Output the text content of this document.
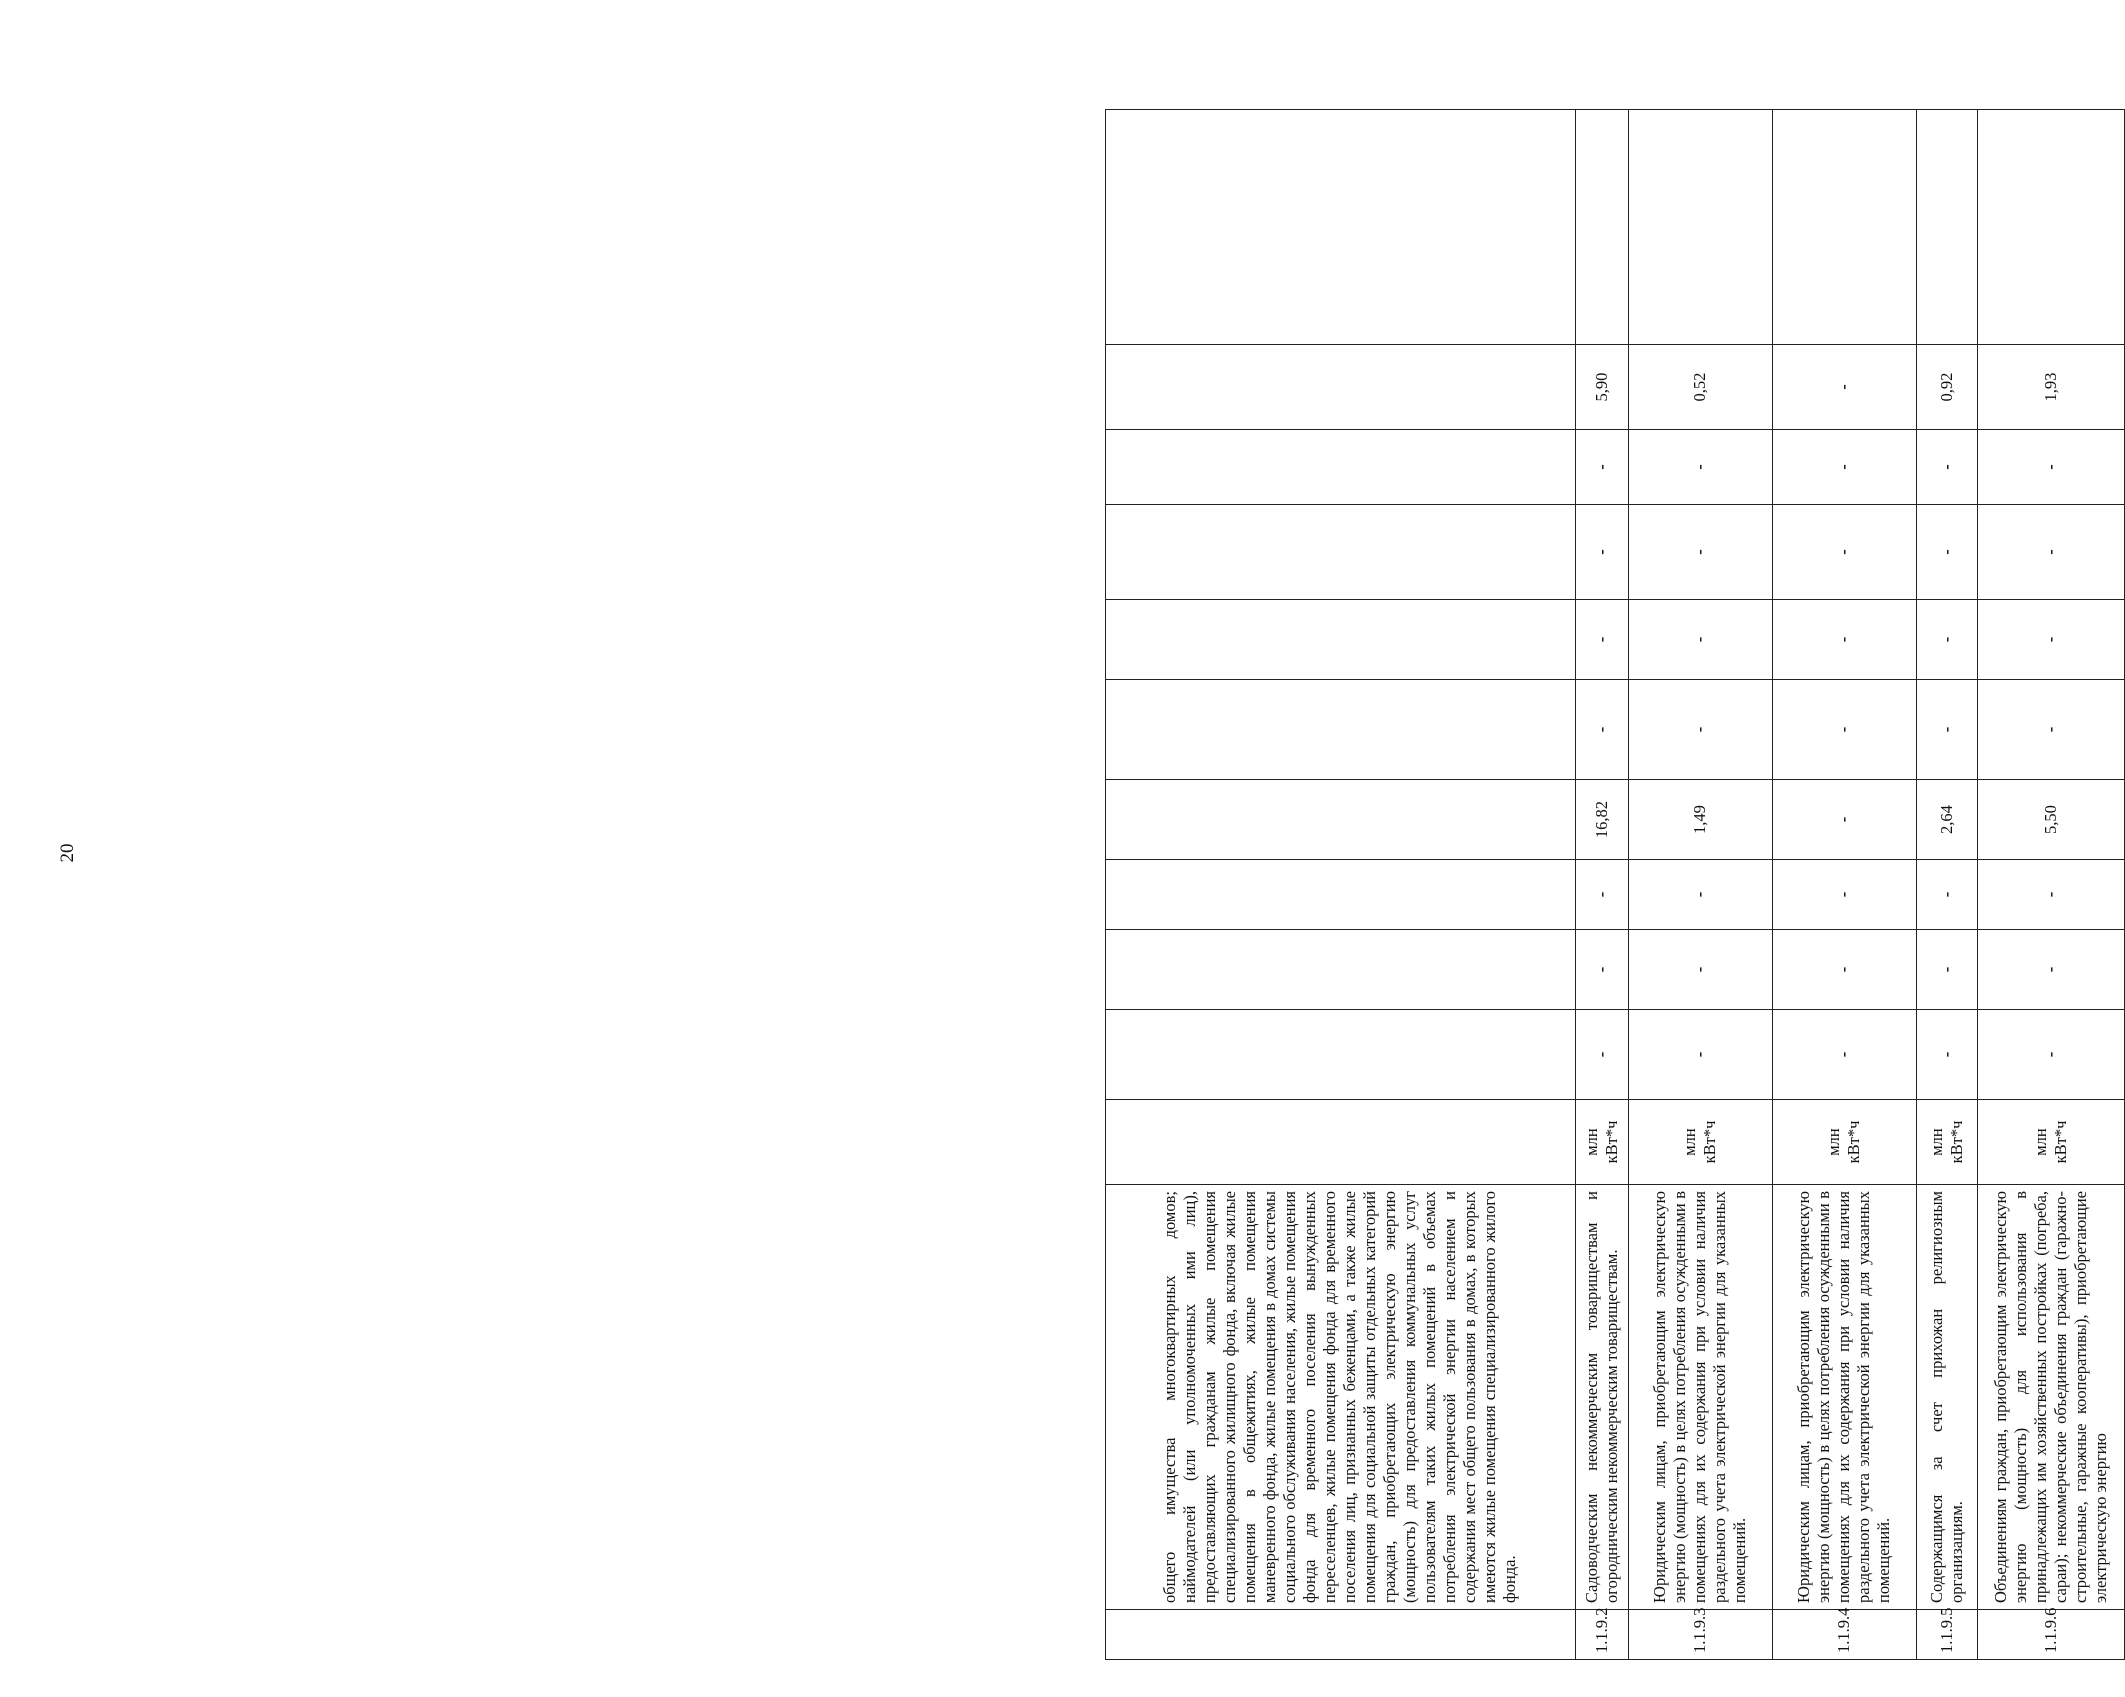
20
	общего имущества многоквартирных домов; наймодателей (или уполномоченных ими лиц), предоставляющих гражданам жилые помещения специализированного жилищного фонда, включая жилые помещения в общежитиях, жилые помещения маневренного фонда, жилые помещения в домах системы социального обслуживания населения, жилые помещения фонда для временного поселения вынужденных переселенцев, жилые помещения фонда для временного поселения лиц, признанных беженцами, а также жилые помещения для социальной защиты отдельных категорий граждан, приобретающих электрическую энергию (мощность) для предоставления коммунальных услуг пользователям таких жилых помещений в объемах потребления электрической энергии населением и содержания мест общего пользования в домах, в которых имеются жилые помещения специализированного жилого фонда.											
1.1.9.2	Садоводческим некоммерческим товариществам и огородническим некоммерческим товариществам.	млн кВт*ч	-	-	-	16,82	-	-	-	-	5,90	
1.1.9.3	Юридическим лицам, приобретающим электрическую энергию (мощность) в целях потребления осужденными в помещениях для их содержания при условии наличия раздельного учета электрической энергии для указанных помещений.	млн кВт*ч	-	-	-	1,49	-	-	-	-	0,52	
1.1.9.4	Юридическим лицам, приобретающим электрическую энергию (мощность) в целях потребления осужденными в помещениях для их содержания при условии наличия раздельного учета электрической энергии для указанных помещений.	млн кВт*ч	-	-	-	-	-	-	-	-	-	
1.1.9.5	Содержащимся за счет прихожан религиозным организациям.	млн кВт*ч	-	-	-	2,64	-	-	-	-	0,92	
1.1.9.6	Объединениям граждан, приобретающим электрическую энергию (мощность) для использования в принадлежащих им хозяйственных постройках (погреба, сараи); некоммерческие объединения граждан (гаражно-строительные, гаражные кооперативы), приобретающие электрическую энергию	млн кВт*ч	-	-	-	5,50	-	-	-	-	1,93	
